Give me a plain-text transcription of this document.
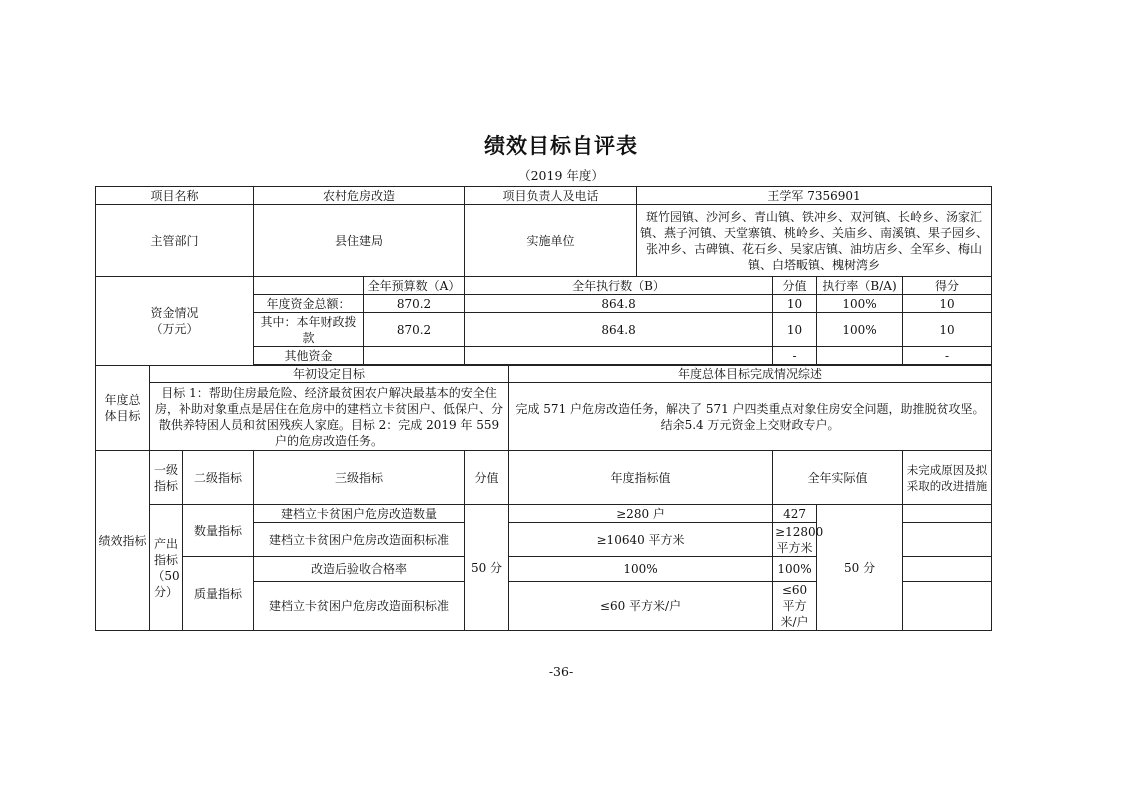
绩效目标自评表
（2019 年度）
项目名称			农村危房改造		项目负责人及电话		王学军 7356901			
主管部门			县住建局		实施单位		斑竹园镇、沙河乡、青山镇、铁冲乡、双河镇、长岭乡、汤家汇镇、燕子河镇、天堂寨镇、桃岭乡、关庙乡、南溪镇、果子园乡、张冲乡、古碑镇、花石乡、吴家店镇、油坊店乡、全军乡、梅山镇、白塔畈镇、槐树湾乡			

资金情况（万元）				全年预算数（A）	全年执行数（B）			分值	执行率（B/A)	得分
			年度资金总额：	870.2	864.8			10	100%	10
			其中：本年财政拨款	870.2	864.8			10	100%	10
			其他资金					-		-

年度总体目标	年初设定目标					年度总体目标完成情况综述				
	目标 1：帮助住房最危险、经济最贫困农户解决最基本的安全住房，补助对象重点是居住在危房中的建档立卡贫困户、低保户、分散供养特困人员和贫困残疾人家庭。目标 2：完成 2019 年 559 户的危房改造任务。					完成 571 户危房改造任务，解决了 571 户四类重点对象住房安全问题，助推脱贫攻坚。结余5.4 万元资金上交财政专户。				
绩效指标	一级指标	二级指标	三级指标		分值	年度指标值		全年实际值		未完成原因及拟采取的改进措施

	产出指标（50分）	数量指标	建档立卡贫困户危房改造数量		50 分	≥280 户		427	50 分	
			建档立卡贫困户危房改造面积标准			≥10640 平方米		≥12800 平方米		
		质量指标	改造后验收合格率			100%		100%		
			建档立卡贫困户危房改造面积标准			≤60 平方米/户		≤60 平方米/户		
-36-
